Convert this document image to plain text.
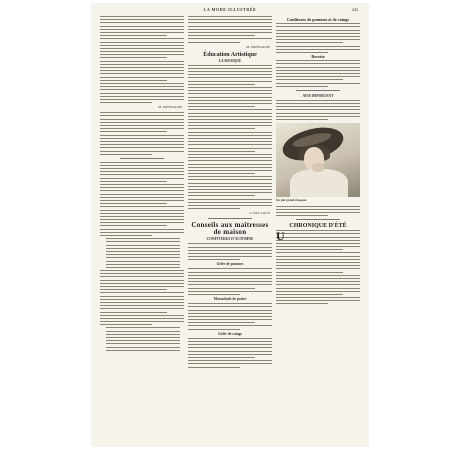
LA MODE ILLUSTRÉE	443
M. MONTAGNE
M. MONTAGNE
Éducation Artistique
LA MUSIQUE
G. DUCLAUX
Conseils aux maîtresses de maison
CONFITURES D'AUTOMNE
Gelée de pommes
Marmelade de poires
Gelée de coings
Confitures de pommes et de coings
Recette
AVIS IMPORTANT
Un joli grand chapeau
CHRONIQUE D'ÉTÉ
U
